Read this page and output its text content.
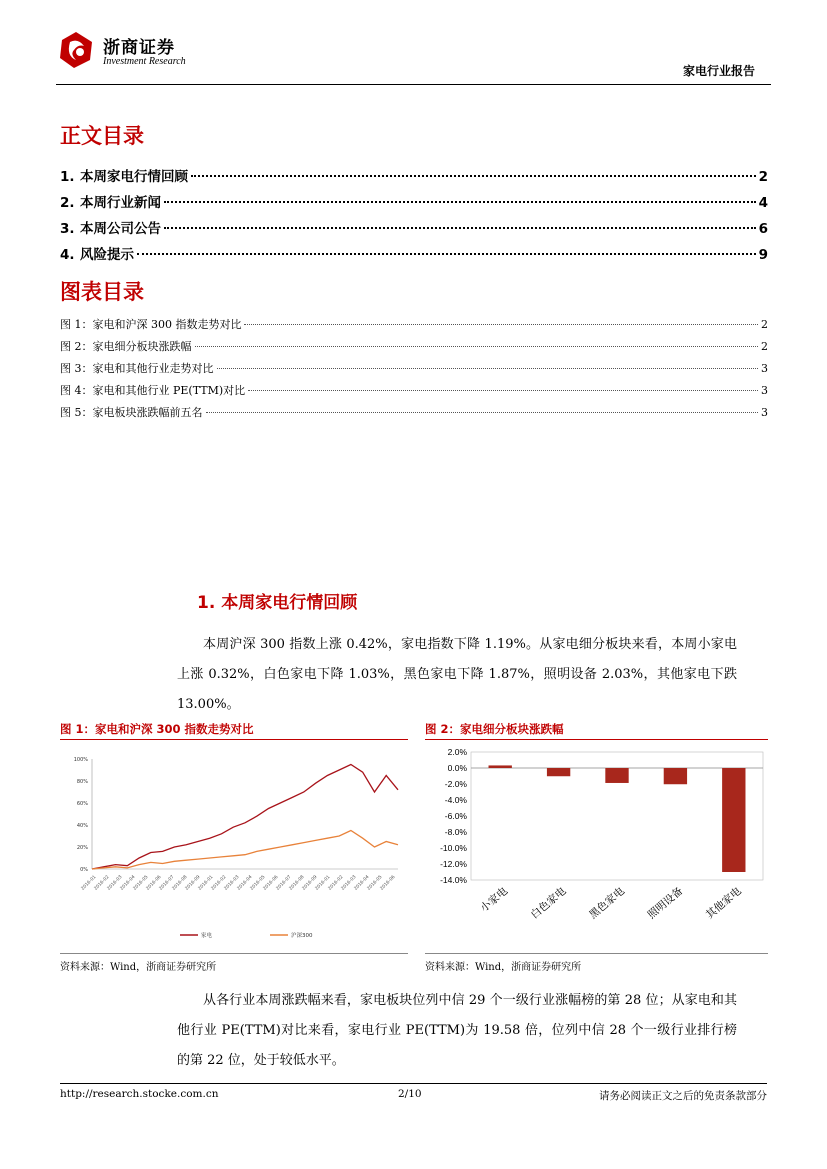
浙商证券
Investment Research
家电行业报告
正文目录
1. 本周家电行情回顾	2
2. 本周行业新闻	4
3. 本周公司公告	6
4. 风险提示	9
图表目录
图 1：家电和沪深 300 指数走势对比	2
图 2：家电细分板块涨跌幅	2
图 3：家电和其他行业走势对比	3
图 4：家电和其他行业 PE(TTM)对比	3
图 5：家电板块涨跌幅前五名	3
1. 本周家电行情回顾
本周沪深 300 指数上涨 0.42%，家电指数下降 1.19%。从家电细分板块来看，本周小家电上涨 0.32%，白色家电下降 1.03%，黑色家电下降 1.87%，照明设备 2.03%，其他家电下跌 13.00%。
图 1：家电和沪深 300 指数走势对比
100%
80%
60%
40%
20%
0%
2016-01
2016-02
2016-03
2016-04
2016-05
2016-06
2016-07
2016-08
2016-09
2016-01
2016-02
2016-03
2016-04
2016-05
2016-06
2016-07
2016-08
2016-09
2016-01
2016-02
2016-03
2016-04
2016-05
2016-06
家电	沪深300
资料来源：Wind，浙商证券研究所
图 2：家电细分板块涨跌幅
2.0%
0.0%
-2.0%
-4.0%
-6.0%
-8.0%
-10.0%
-12.0%
-14.0%
小家电 白色家电 黑色家电 照明设备 其他家电
资料来源：Wind，浙商证券研究所
从各行业本周涨跌幅来看，家电板块位列中信 29 个一级行业涨幅榜的第 28 位；从家电和其他行业 PE(TTM)对比来看，家电行业 PE(TTM)为 19.58 倍，位列中信 28 个一级行业排行榜的第 22 位，处于较低水平。
http://research.stocke.com.cn	2/10	请务必阅读正文之后的免责条款部分
